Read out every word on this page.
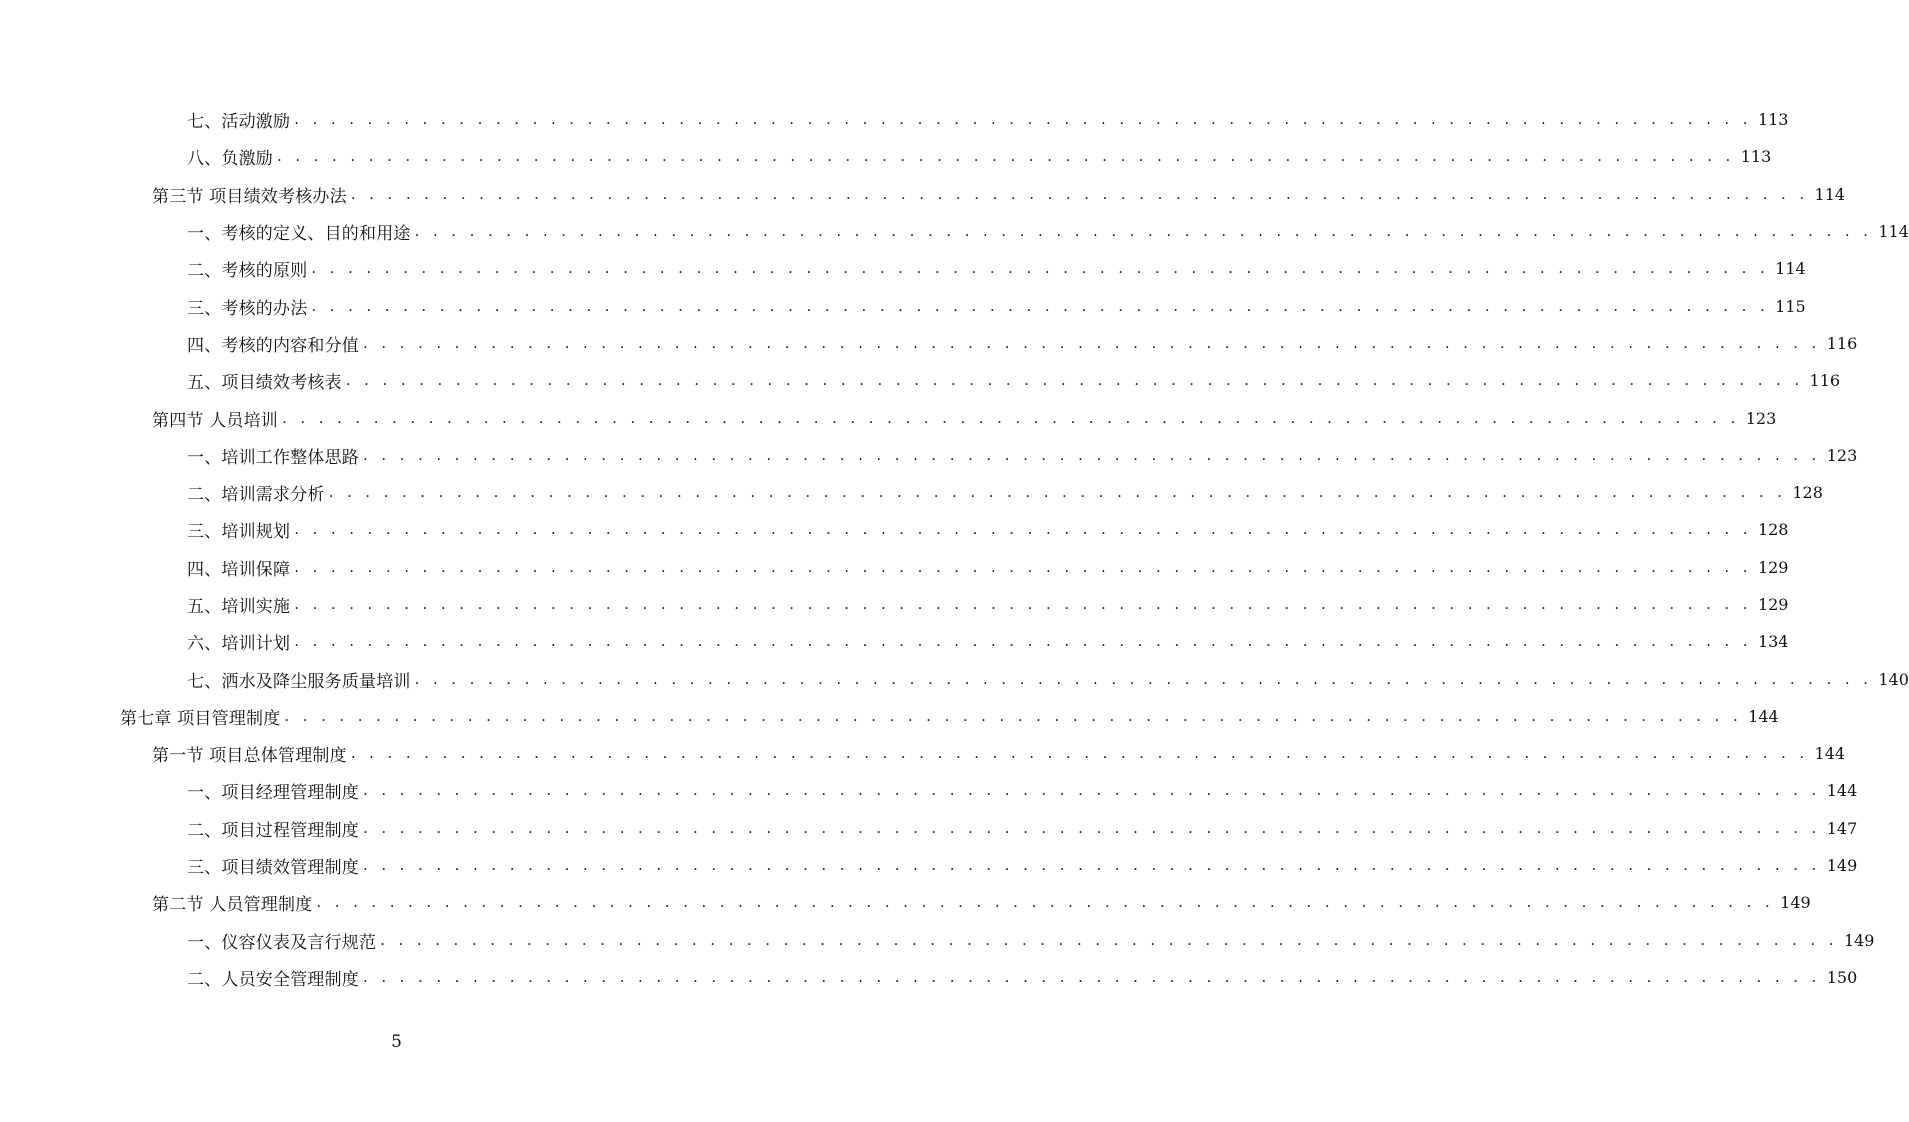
七、活动激励 . . . . . . . . . . . . . . . . . . . . . . . . . . . . . . . . . . . . . . . . . . . . . . . . . . . . . . . . . . . . . . . . . . . . . . . . . . . . . . . . 113
八、负激励 . . . . . . . . . . . . . . . . . . . . . . . . . . . . . . . . . . . . . . . . . . . . . . . . . . . . . . . . . . . . . . . . . . . . . . . . . . . . . . . . 113
第三节 项目绩效考核办法 . . . . . . . . . . . . . . . . . . . . . . . . . . . . . . . . . . . . . . . . . . . . . . . . . . . . . . . . . . . . . . . . . . . . . . . . . . . . . . . . 114
一、考核的定义、目的和用途 . . . . . . . . . . . . . . . . . . . . . . . . . . . . . . . . . . . . . . . . . . . . . . . . . . . . . . . . . . . . . . . . . . . . . . . . . . . . . . . . 114
二、考核的原则 . . . . . . . . . . . . . . . . . . . . . . . . . . . . . . . . . . . . . . . . . . . . . . . . . . . . . . . . . . . . . . . . . . . . . . . . . . . . . . . . 114
三、考核的办法 . . . . . . . . . . . . . . . . . . . . . . . . . . . . . . . . . . . . . . . . . . . . . . . . . . . . . . . . . . . . . . . . . . . . . . . . . . . . . . . . 115
四、考核的内容和分值 . . . . . . . . . . . . . . . . . . . . . . . . . . . . . . . . . . . . . . . . . . . . . . . . . . . . . . . . . . . . . . . . . . . . . . . . . . . . . . . . 116
五、项目绩效考核表 . . . . . . . . . . . . . . . . . . . . . . . . . . . . . . . . . . . . . . . . . . . . . . . . . . . . . . . . . . . . . . . . . . . . . . . . . . . . . . . . 116
第四节 人员培训 . . . . . . . . . . . . . . . . . . . . . . . . . . . . . . . . . . . . . . . . . . . . . . . . . . . . . . . . . . . . . . . . . . . . . . . . . . . . . . . . 123
一、培训工作整体思路 . . . . . . . . . . . . . . . . . . . . . . . . . . . . . . . . . . . . . . . . . . . . . . . . . . . . . . . . . . . . . . . . . . . . . . . . . . . . . . . . 123
二、培训需求分析 . . . . . . . . . . . . . . . . . . . . . . . . . . . . . . . . . . . . . . . . . . . . . . . . . . . . . . . . . . . . . . . . . . . . . . . . . . . . . . . . 128
三、培训规划 . . . . . . . . . . . . . . . . . . . . . . . . . . . . . . . . . . . . . . . . . . . . . . . . . . . . . . . . . . . . . . . . . . . . . . . . . . . . . . . . 128
四、培训保障 . . . . . . . . . . . . . . . . . . . . . . . . . . . . . . . . . . . . . . . . . . . . . . . . . . . . . . . . . . . . . . . . . . . . . . . . . . . . . . . . 129
五、培训实施 . . . . . . . . . . . . . . . . . . . . . . . . . . . . . . . . . . . . . . . . . . . . . . . . . . . . . . . . . . . . . . . . . . . . . . . . . . . . . . . . 129
六、培训计划 . . . . . . . . . . . . . . . . . . . . . . . . . . . . . . . . . . . . . . . . . . . . . . . . . . . . . . . . . . . . . . . . . . . . . . . . . . . . . . . . 134
七、洒水及降尘服务质量培训 . . . . . . . . . . . . . . . . . . . . . . . . . . . . . . . . . . . . . . . . . . . . . . . . . . . . . . . . . . . . . . . . . . . . . . . . . . . . . . . . 140
第七章 项目管理制度 . . . . . . . . . . . . . . . . . . . . . . . . . . . . . . . . . . . . . . . . . . . . . . . . . . . . . . . . . . . . . . . . . . . . . . . . . . . . . . . . 144
第一节 项目总体管理制度 . . . . . . . . . . . . . . . . . . . . . . . . . . . . . . . . . . . . . . . . . . . . . . . . . . . . . . . . . . . . . . . . . . . . . . . . . . . . . . . . 144
一、项目经理管理制度 . . . . . . . . . . . . . . . . . . . . . . . . . . . . . . . . . . . . . . . . . . . . . . . . . . . . . . . . . . . . . . . . . . . . . . . . . . . . . . . . 144
二、项目过程管理制度 . . . . . . . . . . . . . . . . . . . . . . . . . . . . . . . . . . . . . . . . . . . . . . . . . . . . . . . . . . . . . . . . . . . . . . . . . . . . . . . . 147
三、项目绩效管理制度 . . . . . . . . . . . . . . . . . . . . . . . . . . . . . . . . . . . . . . . . . . . . . . . . . . . . . . . . . . . . . . . . . . . . . . . . . . . . . . . . 149
第二节 人员管理制度 . . . . . . . . . . . . . . . . . . . . . . . . . . . . . . . . . . . . . . . . . . . . . . . . . . . . . . . . . . . . . . . . . . . . . . . . . . . . . . . . 149
一、仪容仪表及言行规范 . . . . . . . . . . . . . . . . . . . . . . . . . . . . . . . . . . . . . . . . . . . . . . . . . . . . . . . . . . . . . . . . . . . . . . . . . . . . . . . . 149
二、人员安全管理制度 . . . . . . . . . . . . . . . . . . . . . . . . . . . . . . . . . . . . . . . . . . . . . . . . . . . . . . . . . . . . . . . . . . . . . . . . . . . . . . . . 150
5
